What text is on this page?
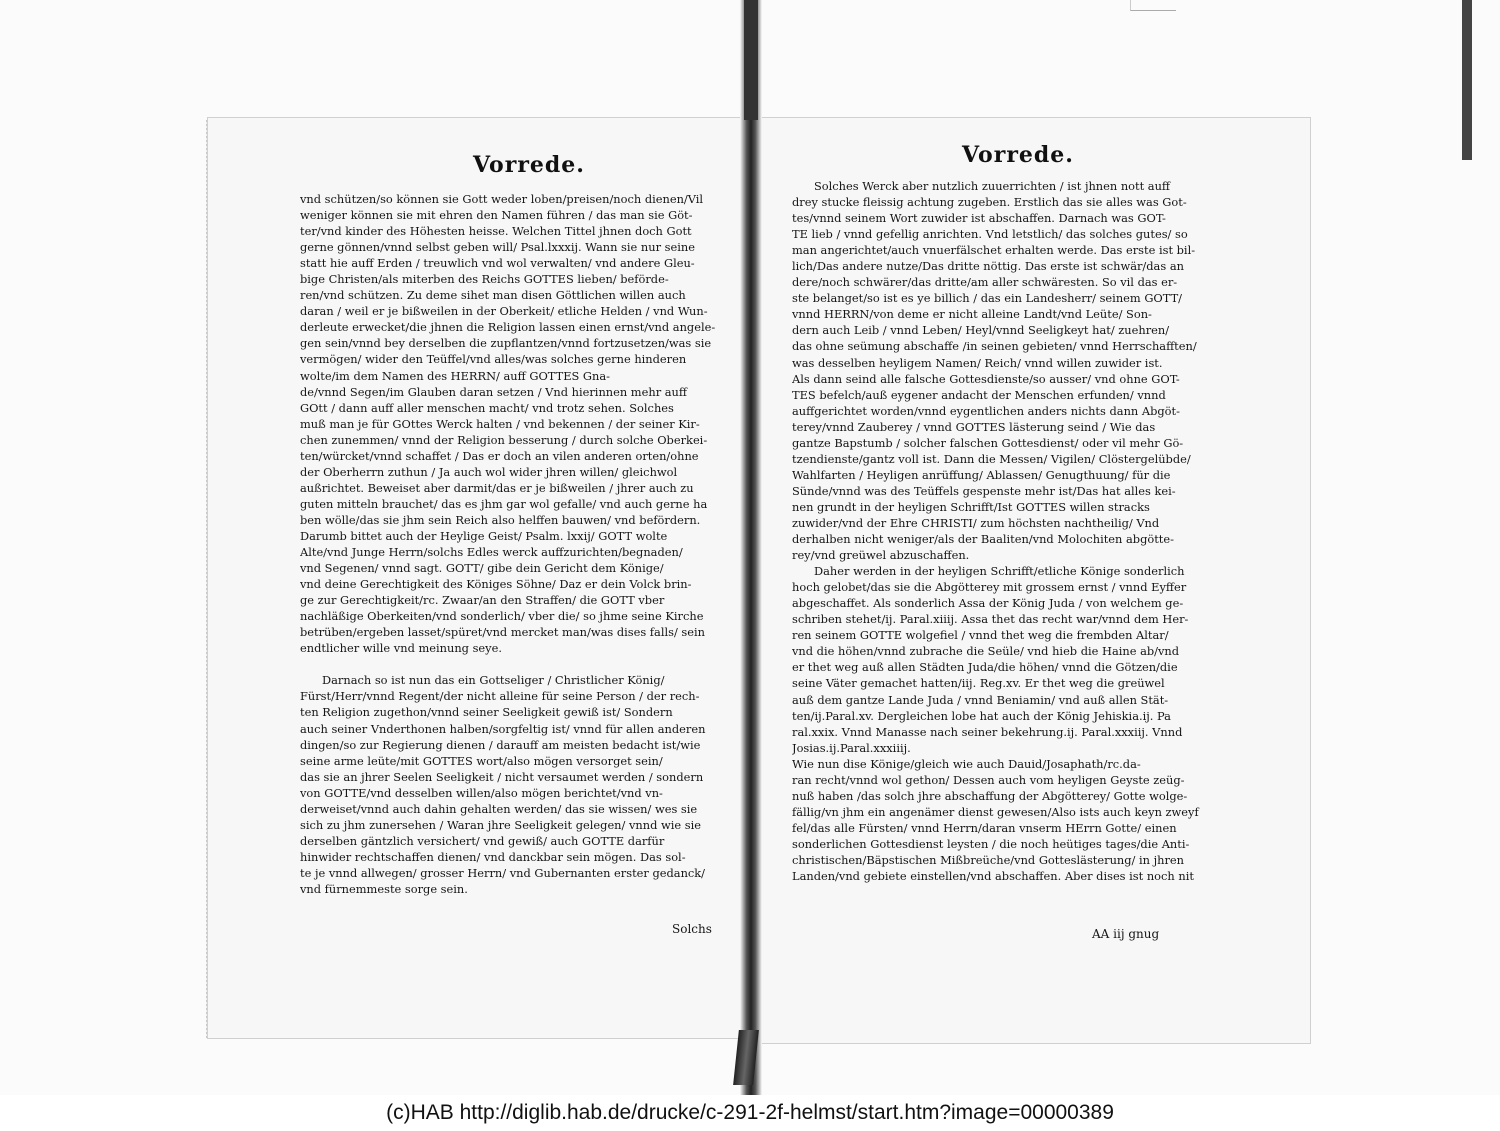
Vorrede.
vnd schützen/so können sie Gott weder loben/preisen/noch dienen/Vil
weniger können sie mit ehren den Namen führen / das man sie Göt-
ter/vnd kinder des Höhesten heisse. Welchen Tittel jhnen doch Gott
gerne gönnen/vnnd selbst geben will/ Psal.lxxxij. Wann sie nur seine
statt hie auff Erden / treuwlich vnd wol verwalten/ vnd andere Gleu-
bige Christen/als miterben des Reichs GOTTES lieben/ beförde-
ren/vnd schützen. Zu deme sihet man disen Göttlichen willen auch
daran / weil er je bißweilen in der Oberkeit/ etliche Helden / vnd Wun-
derleute erwecket/die jhnen die Religion lassen einen ernst/vnd angele-
gen sein/vnnd bey derselben die zupflantzen/vnnd fortzusetzen/was sie
vermögen/ wider den Teüffel/vnd alles/was solches gerne hinderen
wolte/im dem Namen des HERRN/ auff GOTTES Gna-
de/vnnd Segen/im Glauben daran setzen / Vnd hierinnen mehr auff
GOtt / dann auff aller menschen macht/ vnd trotz sehen. Solches
muß man je für GOttes Werck halten / vnd bekennen / der seiner Kir-
chen zunemmen/ vnnd der Religion besserung / durch solche Oberkei-
ten/würcket/vnnd schaffet / Das er doch an vilen anderen orten/ohne
der Oberherrn zuthun / Ja auch wol wider jhren willen/ gleichwol
außrichtet. Beweiset aber darmit/das er je bißweilen / jhrer auch zu
guten mitteln brauchet/ das es jhm gar wol gefalle/ vnd auch gerne ha
ben wölle/das sie jhm sein Reich also helffen bauwen/ vnd befördern.
Darumb bittet auch der Heylige Geist/ Psalm. lxxij/ GOTT wolte
Alte/vnd Junge Herrn/solchs Edles werck auffzurichten/begnaden/
vnd Segenen/ vnnd sagt. GOTT/ gibe dein Gericht dem Könige/
vnd deine Gerechtigkeit des Königes Söhne/ Daz er dein Volck brin-
ge zur Gerechtigkeit/rc. Zwaar/an den Straffen/ die GOTT vber
nachläßige Oberkeiten/vnd sonderlich/ vber die/ so jhme seine Kirche
betrüben/ergeben lasset/spüret/vnd mercket man/was dises falls/ sein
endtlicher wille vnd meinung seye.
Darnach so ist nun das ein Gottseliger / Christlicher König/
Fürst/Herr/vnnd Regent/der nicht alleine für seine Person / der rech-
ten Religion zugethon/vnnd seiner Seeligkeit gewiß ist/ Sondern
auch seiner Vnderthonen halben/sorgfeltig ist/ vnnd für allen anderen
dingen/so zur Regierung dienen / darauff am meisten bedacht ist/wie
seine arme leüte/mit GOTTES wort/also mögen versorget sein/
das sie an jhrer Seelen Seeligkeit / nicht versaumet werden / sondern
von GOTTE/vnd desselben willen/also mögen berichtet/vnd vn-
derweiset/vnnd auch dahin gehalten werden/ das sie wissen/ wes sie
sich zu jhm zunersehen / Waran jhre Seeligkeit gelegen/ vnnd wie sie
derselben gäntzlich versichert/ vnd gewiß/ auch GOTTE darfür
hinwider rechtschaffen dienen/ vnd danckbar sein mögen. Das sol-
te je vnnd allwegen/ grosser Herrn/ vnd Gubernanten erster gedanck/
vnd fürnemmeste sorge sein.
Solchs
Vorrede.
Solches Werck aber nutzlich zuuerrichten / ist jhnen nott auff
drey stucke fleissig achtung zugeben. Erstlich das sie alles was Got-
tes/vnnd seinem Wort zuwider ist abschaffen. Darnach was GOT-
TE lieb / vnnd gefellig anrichten. Vnd letstlich/ das solches gutes/ so
man angerichtet/auch vnuerfälschet erhalten werde. Das erste ist bil-
lich/Das andere nutze/Das dritte nöttig. Das erste ist schwär/das an
dere/noch schwärer/das dritte/am aller schwäresten. So vil das er-
ste belanget/so ist es ye billich / das ein Landesherr/ seinem GOTT/
vnnd HERRN/von deme er nicht alleine Landt/vnd Leüte/ Son-
dern auch Leib / vnnd Leben/ Heyl/vnnd Seeligkeyt hat/ zuehren/
das ohne seümung abschaffe /in seinen gebieten/ vnnd Herrschafften/
was desselben heyligem Namen/ Reich/ vnnd willen zuwider ist.
Als dann seind alle falsche Gottesdienste/so ausser/ vnd ohne GOT-
TES befelch/auß eygener andacht der Menschen erfunden/ vnnd
auffgerichtet worden/vnnd eygentlichen anders nichts dann Abgöt-
terey/vnnd Zauberey / vnnd GOTTES lästerung seind / Wie das
gantze Bapstumb / solcher falschen Gottesdienst/ oder vil mehr Gö-
tzendienste/gantz voll ist. Dann die Messen/ Vigilen/ Clöstergelübde/
Wahlfarten / Heyligen anrüffung/ Ablassen/ Genugthuung/ für die
Sünde/vnnd was des Teüffels gespenste mehr ist/Das hat alles kei-
nen grundt in der heyligen Schrifft/Ist GOTTES willen stracks
zuwider/vnd der Ehre CHRISTI/ zum höchsten nachtheilig/ Vnd
derhalben nicht weniger/als der Baaliten/vnd Molochiten abgötte-
rey/vnd greüwel abzuschaffen.
Daher werden in der heyligen Schrifft/etliche Könige sonderlich
hoch gelobet/das sie die Abgötterey mit grossem ernst / vnnd Eyffer
abgeschaffet. Als sonderlich Assa der König Juda / von welchem ge-
schriben stehet/ij. Paral.xiiij. Assa thet das recht war/vnnd dem Her-
ren seinem GOTTE wolgefiel / vnnd thet weg die frembden Altar/
vnd die höhen/vnnd zubrache die Seüle/ vnd hieb die Haine ab/vnd
er thet weg auß allen Städten Juda/die höhen/ vnnd die Götzen/die
seine Väter gemachet hatten/iij. Reg.xv. Er thet weg die greüwel
auß dem gantze Lande Juda / vnnd Beniamin/ vnd auß allen Stät-
ten/ij.Paral.xv. Dergleichen lobe hat auch der König Jehiskia.ij. Pa
ral.xxix. Vnnd Manasse nach seiner bekehrung.ij. Paral.xxxiij. Vnnd
Josias.ij.Paral.xxxiiij.
Wie nun dise Könige/gleich wie auch Dauid/Josaphath/rc.da-
ran recht/vnnd wol gethon/ Dessen auch vom heyligen Geyste zeüg-
nuß haben /das solch jhre abschaffung der Abgötterey/ Gotte wolge-
fällig/vn jhm ein angenämer dienst gewesen/Also ists auch keyn zweyf
fel/das alle Fürsten/ vnnd Herrn/daran vnserm HErrn Gotte/ einen
sonderlichen Gottesdienst leysten / die noch heütiges tages/die Anti-
christischen/Bäpstischen Mißbreüche/vnd Gotteslästerung/ in jhren
Landen/vnd gebiete einstellen/vnd abschaffen. Aber dises ist noch nit
AA iij gnug
(c)HAB http://diglib.hab.de/drucke/c-291-2f-helmst/start.htm?image=00000389
